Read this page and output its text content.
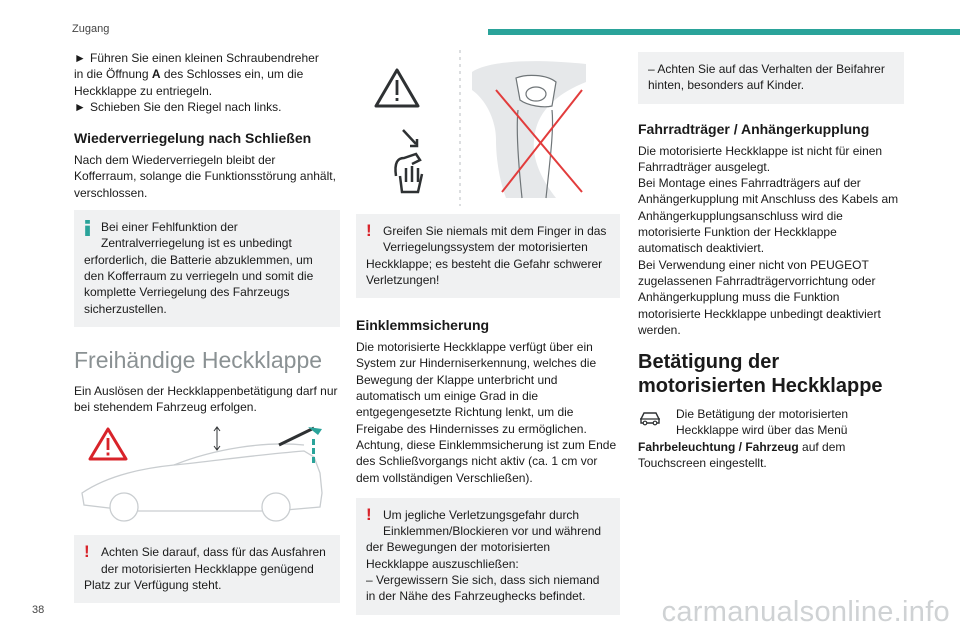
Zugang

► Führen Sie einen kleinen Schraubendreher
in die Öffnung A des Schlosses ein, um die
Heckklappe zu entriegeln.

► Schieben Sie den Riegel nach links.

Wiederverriegelung nach Schließen

Nach dem Wiederverriegeln bleibt der Kofferraum, solange die Funktionsstörung anhält, verschlossen.

Bei einer Fehlfunktion der
Zentralverriegelung ist es unbedingt
erforderlich, die Batterie abzuklemmen, um den Kofferraum zu verriegeln und somit die komplette Verriegelung des Fahrzeugs sicherzustellen.
Freihändige Heckklappe

Ein Auslösen der Heckklappenbetätigung darf nur bei stehendem Fahrzeug erfolgen.

! Achten Sie darauf, dass für das Ausfahren
der motorisierten Heckklappe genügend
Platz zur Verfügung steht.
! Greifen Sie niemals mit dem Finger in das
Verriegelungssystem der motorisierten
Heckklappe; es besteht die Gefahr schwerer Verletzungen!
Einklemmsicherung

Die motorisierte Heckklappe verfügt über ein System zur Hinderniserkennung, welches die Bewegung der Klappe unterbricht und automatisch um einige Grad in die entgegengesetzte Richtung lenkt, um die Freigabe des Hindernisses zu ermöglichen.

Achtung, diese Einklemmsicherung ist zum Ende des Schließvorgangs nicht aktiv (ca. 1 cm vor dem vollständigen Verschließen).

! Um jegliche Verletzungsgefahr durch
Einklemmen/Blockieren vor und während
der Bewegungen der motorisierten Heckklappe auszuschließen:
– Vergewissern Sie sich, dass sich niemand in der Nähe des Fahrzeughecks befindet.
– Achten Sie auf das Verhalten der Beifahrer hinten, besonders auf Kinder.
Fahrradträger / Anhängerkupplung

Die motorisierte Heckklappe ist nicht für einen Fahrradträger ausgelegt.
Bei Montage eines Fahrradträgers auf der Anhängerkupplung mit Anschluss des Kabels am Anhängerkupplungsanschluss wird die motorisierte Funktion der Heckklappe automatisch deaktiviert.
Bei Verwendung einer nicht von PEUGEOT zugelassenen Fahrradträgervorrichtung oder Anhängerkupplung muss die Funktion motorisierte Heckklappe unbedingt deaktiviert werden.

Betätigung der motorisierten Heckklappe
Die Betätigung der motorisierten
Heckklappe wird über das Menü
Fahrbeleuchtung / Fahrzeug auf dem
Touchscreen eingestellt.
38	carmanualsonline.info
